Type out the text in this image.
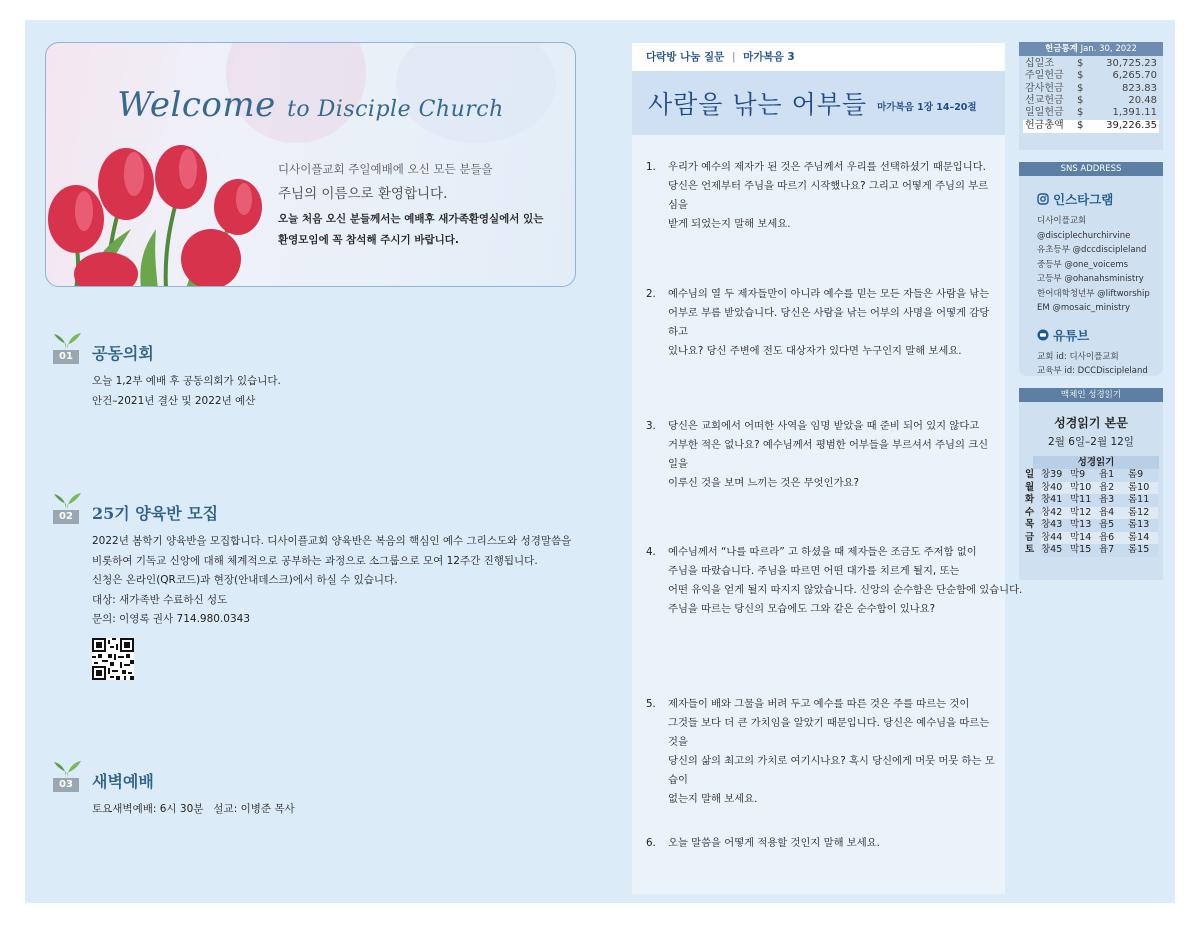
Welcome to Disciple Church
디사이플교회 주일예배에 오신 모든 분들을
주님의 이름으로 환영합니다.
오늘 처음 오신 분들께서는 예배후 새가족환영실에서 있는
환영모임에 꼭 참석해 주시기 바랍니다.
01	공동의회
오늘 1,2부 예배 후 공동의회가 있습니다.
안건–2021년 결산 및 2022년 예산
02	25기 양육반 모집
2022년 봄학기 양육반을 모집합니다. 디사이플교회 양육반은 복음의 핵심인 예수 그리스도와 성경말씀을
비롯하여 기독교 신앙에 대해 체계적으로 공부하는 과정으로 소그룹으로 모여 12주간 진행됩니다.
신청은 온라인(QR코드)과 현장(안내데스크)에서 하실 수 있습니다.
대상: 새가족반 수료하신 성도
문의: 이영록 권사 714.980.0343
03	새벽예배
토요새벽예배: 6시 30분   설교: 이병준 목사
다락방 나눔 질문 | 마가복음 3
사람을 낚는 어부들 마가복음 1장 14–20절
1.	우리가 예수의 제자가 된 것은 주님께서 우리를 선택하셨기 때문입니다.
당신은 언제부터 주님을 따르기 시작했나요? 그리고 어떻게 주님의 부르심을
받게 되었는지 말해 보세요.
2.	예수님의 열 두 제자들만이 아니라 예수를 믿는 모든 자들은 사람을 낚는
어부로 부름 받았습니다. 당신은 사람을 낚는 어부의 사명을 어떻게 감당하고
있나요? 당신 주변에 전도 대상자가 있다면 누구인지 말해 보세요.
3.	당신은 교회에서 어떠한 사역을 임명 받았을 때 준비 되어 있지 않다고
거부한 적은 없나요? 예수님께서 평범한 어부들을 부르셔서 주님의 크신 일을
이루신 것을 보며 느끼는 것은 무엇인가요?
4.	예수님께서 “나를 따르라” 고 하셨을 때 제자들은 조금도 주저함 없이
주님을 따랐습니다. 주님을 따르면 어떤 대가를 치르게 될지, 또는
어떤 유익을 얻게 될지 따지지 않았습니다. 신앙의 순수함은 단순함에 있습니다.
주님을 따르는 당신의 모습에도 그와 같은 순수함이 있나요?
5.	제자들이 배와 그물을 버려 두고 예수를 따른 것은 주를 따르는 것이
그것들 보다 더 큰 가치임을 알았기 때문입니다. 당신은 예수님을 따르는 것을
당신의 삶의 최고의 가치로 여기시나요? 혹시 당신에게 머뭇 머뭇 하는 모습이
없는지 말해 보세요.
6.	오늘 말씀을 어떻게 적용할 것인지 말해 보세요.
헌금통계 Jan. 30, 2022
십일조	$	30,725.23
주일헌금	$	6,265.70
감사헌금	$	823.83
선교헌금	$	20.48
일일헌금	$	1,391.11
헌금총액	$	39,226.35
SNS ADDRESS
인스타그램
디사이플교회 @disciplechurchirvine
유초등부 @dccdiscipleland
중등부 @one_voicems
고등부 @ohanahsministry
한어대학청년부 @liftworship
EM @mosaic_ministry
유튜브
교회 id: 디사이플교회
교육부 id: DCCDiscipleland
맥체인 성경읽기
성경읽기 본문
2월 6일–2월 12일
성경읽기
일 창39 막9	욥1	롬9
월 창40 막10 욥2	롬10
화 창41 막11 욥3	롬11
수 창42 막12 욥4	롬12
목 창43 막13 욥5	롬13
금 창44 막14 욥6	롬14
토 창45 막15 욥7	롬15
